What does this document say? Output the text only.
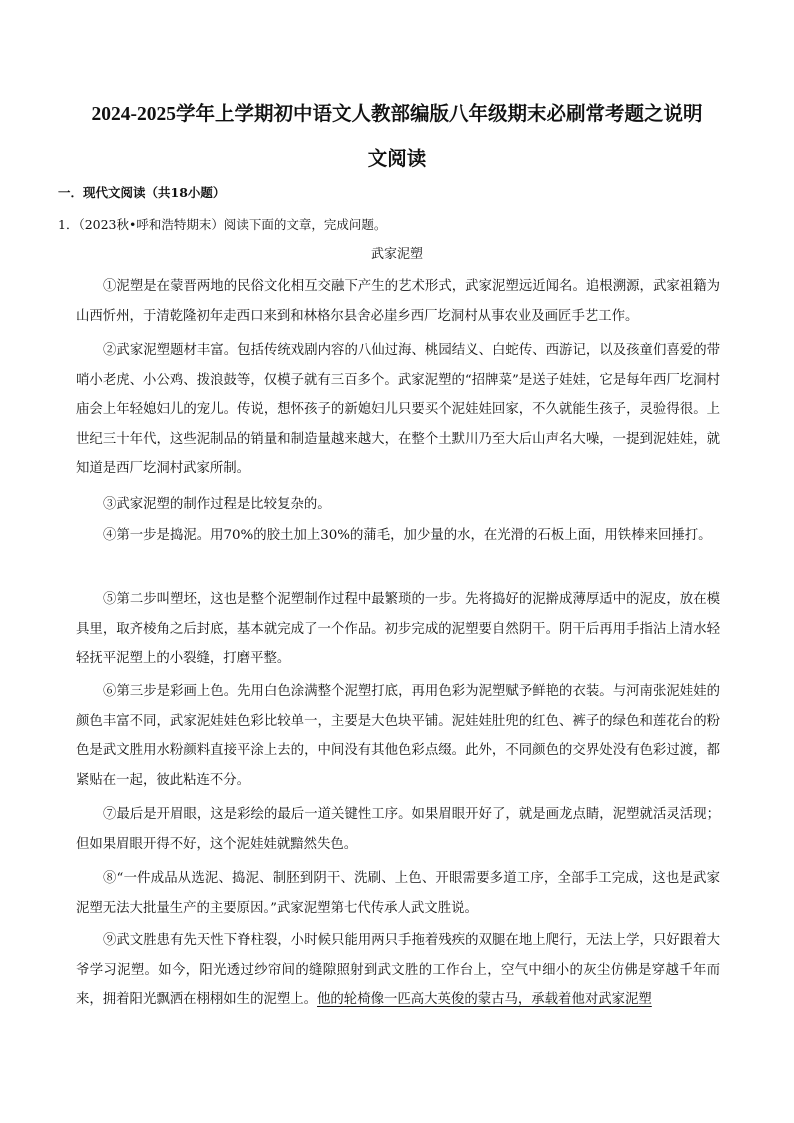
2024-2025学年上学期初中语文人教部编版八年级期末必刷常考题之说明
文阅读
一．现代文阅读（共18小题）
1．（2023秋•呼和浩特期末）阅读下面的文章，完成问题。
武家泥塑

①泥塑是在蒙晋两地的民俗文化相互交融下产生的艺术形式，武家泥塑远近闻名。追根溯源，武家祖籍为山西忻州，于清乾隆初年走西口来到和林格尔县舍必崖乡西厂圪洞村从事农业及画匠手艺工作。

②武家泥塑题材丰富。包括传统戏剧内容的八仙过海、桃园结义、白蛇传、西游记，以及孩童们喜爱的带哨小老虎、小公鸡、拨浪鼓等，仅模子就有三百多个。武家泥塑的“招牌菜”是送子娃娃，它是每年西厂圪洞村庙会上年轻媳妇儿的宠儿。传说，想怀孩子的新媳妇儿只要买个泥娃娃回家，不久就能生孩子，灵验得很。上世纪三十年代，这些泥制品的销量和制造量越来越大，在整个土默川乃至大后山声名大噪，一提到泥娃娃，就知道是西厂圪洞村武家所制。

③武家泥塑的制作过程是比较复杂的。

④第一步是捣泥。用70%的胶土加上30%的蒲毛，加少量的水，在光滑的石板上面，用铁棒来回捶打。

⑤第二步叫塑坯，这也是整个泥塑制作过程中最繁琐的一步。先将捣好的泥擀成薄厚适中的泥皮，放在模具里，取齐棱角之后封底，基本就完成了一个作品。初步完成的泥塑要自然阴干。阴干后再用手指沾上清水轻轻抚平泥塑上的小裂缝，打磨平整。

⑥第三步是彩画上色。先用白色涂满整个泥塑打底，再用色彩为泥塑赋予鲜艳的衣装。与河南张泥娃娃的颜色丰富不同，武家泥娃娃色彩比较单一，主要是大色块平铺。泥娃娃肚兜的红色、裤子的绿色和莲花台的粉色是武文胜用水粉颜料直接平涂上去的，中间没有其他色彩点缀。此外，不同颜色的交界处没有色彩过渡，都紧贴在一起，彼此粘连不分。

⑦最后是开眉眼，这是彩绘的最后一道关键性工序。如果眉眼开好了，就是画龙点睛，泥塑就活灵活现；但如果眉眼开得不好，这个泥娃娃就黯然失色。

⑧“一件成品从选泥、捣泥、制胚到阴干、洗刷、上色、开眼需要多道工序，全部手工完成，这也是武家泥塑无法大批量生产的主要原因。”武家泥塑第七代传承人武文胜说。

⑨武文胜患有先天性下脊柱裂，小时候只能用两只手拖着残疾的双腿在地上爬行，无法上学，只好跟着大爷学习泥塑。如今，阳光透过纱帘间的缝隙照射到武文胜的工作台上，空气中细小的灰尘仿佛是穿越千年而来，拥着阳光飘洒在栩栩如生的泥塑上。他的轮椅像一匹高大英俊的蒙古马，承载着他对武家泥塑
